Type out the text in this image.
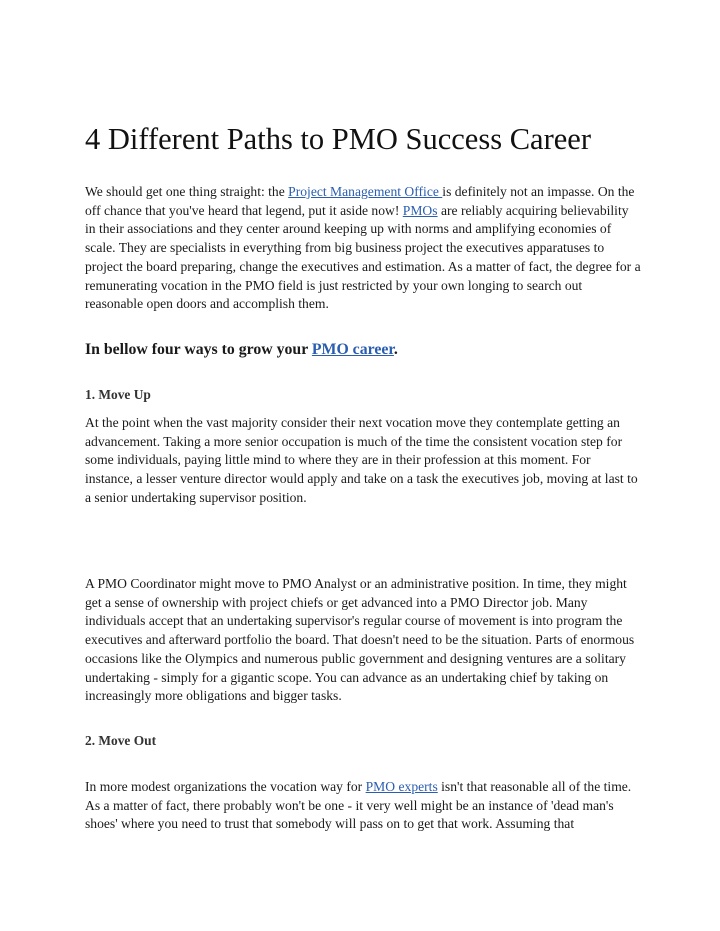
4 Different Paths to PMO Success Career

We should get one thing straight: the Project Management Office is definitely not an impasse. On the off chance that you've heard that legend, put it aside now! PMOs are reliably acquiring believability in their associations and they center around keeping up with norms and amplifying economies of scale. They are specialists in everything from big business project the executives apparatuses to project the board preparing, change the executives and estimation. As a matter of fact, the degree for a remunerating vocation in the PMO field is just restricted by your own longing to search out reasonable open doors and accomplish them.

In bellow four ways to grow your PMO career.

1. Move Up

At the point when the vast majority consider their next vocation move they contemplate getting an advancement. Taking a more senior occupation is much of the time the consistent vocation step for some individuals, paying little mind to where they are in their profession at this moment. For instance, a lesser venture director would apply and take on a task the executives job, moving at last to a senior undertaking supervisor position.

A PMO Coordinator might move to PMO Analyst or an administrative position. In time, they might get a sense of ownership with project chiefs or get advanced into a PMO Director job. Many individuals accept that an undertaking supervisor's regular course of movement is into program the executives and afterward portfolio the board. That doesn't need to be the situation. Parts of enormous occasions like the Olympics and numerous public government and designing ventures are a solitary undertaking - simply for a gigantic scope. You can advance as an undertaking chief by taking on increasingly more obligations and bigger tasks.

2. Move Out

In more modest organizations the vocation way for PMO experts isn't that reasonable all of the time. As a matter of fact, there probably won't be one - it very well might be an instance of 'dead man's shoes' where you need to trust that somebody will pass on to get that work. Assuming that
